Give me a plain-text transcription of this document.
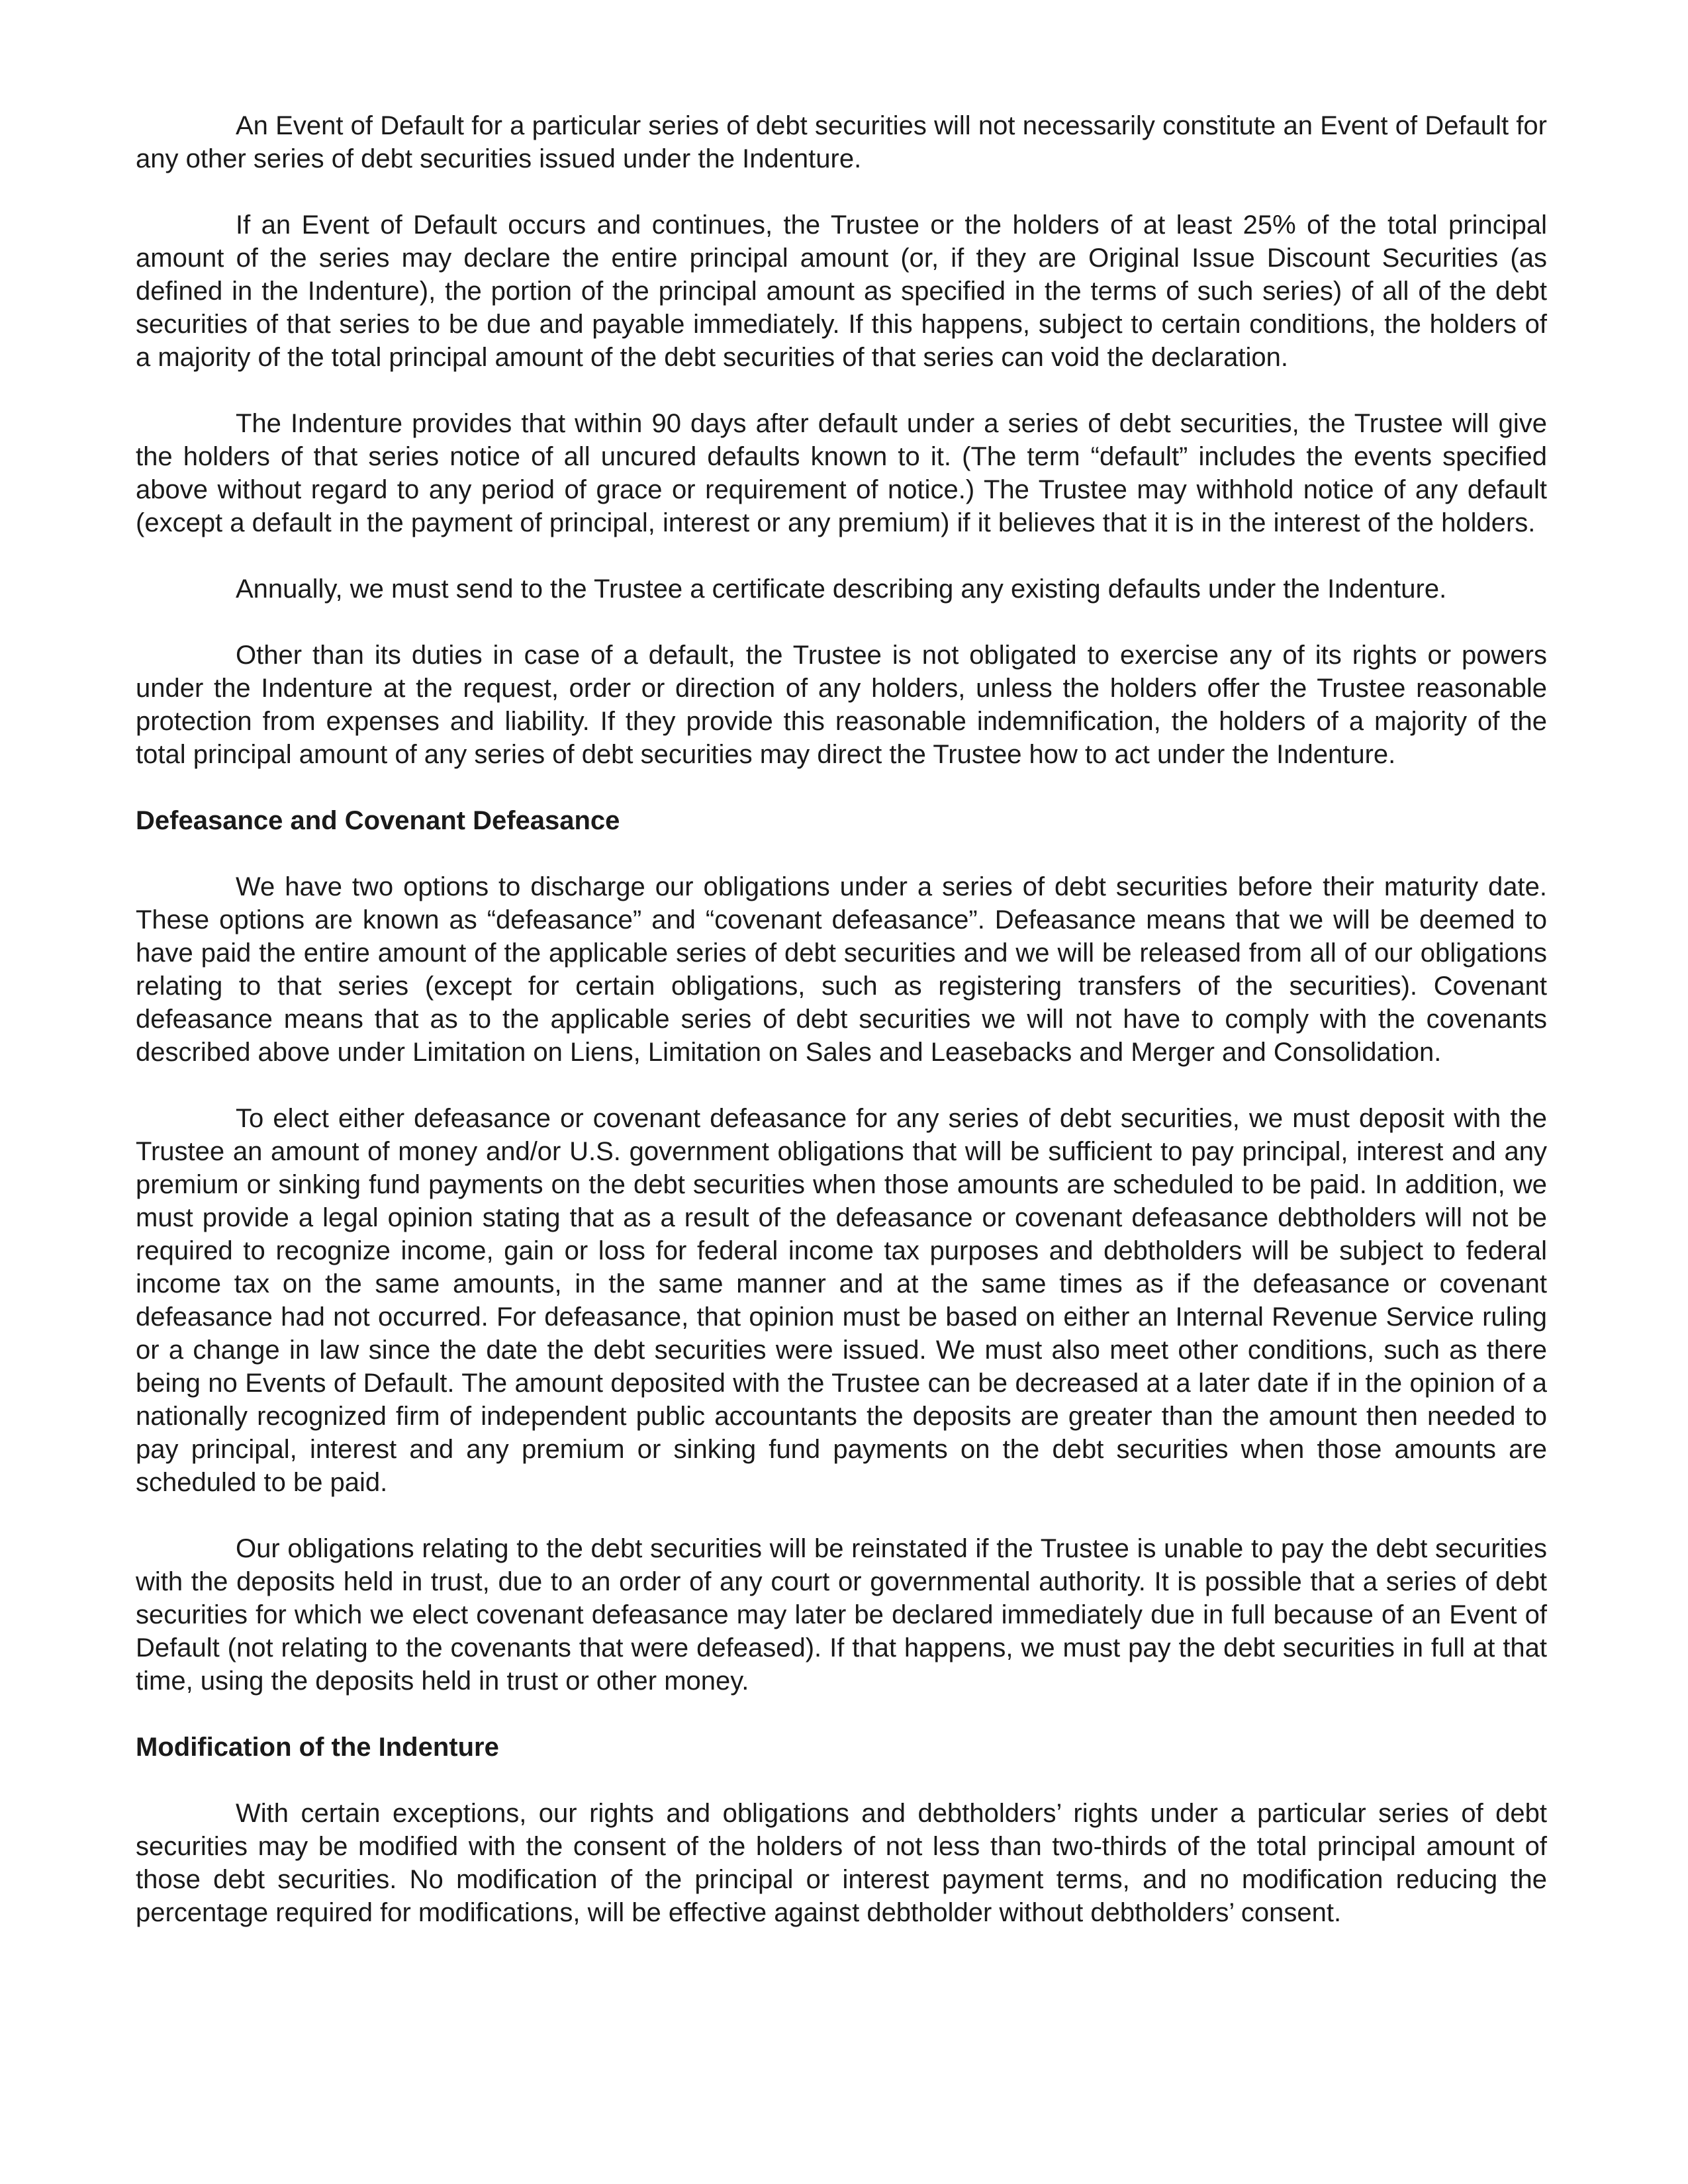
An Event of Default for a particular series of debt securities will not necessarily constitute an Event of Default for any other series of debt securities issued under the Indenture.

If an Event of Default occurs and continues, the Trustee or the holders of at least 25% of the total principal amount of the series may declare the entire principal amount (or, if they are Original Issue Discount Securities (as defined in the Indenture), the portion of the principal amount as specified in the terms of such series) of all of the debt securities of that series to be due and payable immediately. If this happens, subject to certain conditions, the holders of a majority of the total principal amount of the debt securities of that series can void the declaration.

The Indenture provides that within 90 days after default under a series of debt securities, the Trustee will give the holders of that series notice of all uncured defaults known to it. (The term “default” includes the events specified above without regard to any period of grace or requirement of notice.) The Trustee may withhold notice of any default (except a default in the payment of principal, interest or any premium) if it believes that it is in the interest of the holders.

Annually, we must send to the Trustee a certificate describing any existing defaults under the Indenture.

Other than its duties in case of a default, the Trustee is not obligated to exercise any of its rights or powers under the Indenture at the request, order or direction of any holders, unless the holders offer the Trustee reasonable protection from expenses and liability. If they provide this reasonable indemnification, the holders of a majority of the total principal amount of any series of debt securities may direct the Trustee how to act under the Indenture.

Defeasance and Covenant Defeasance

We have two options to discharge our obligations under a series of debt securities before their maturity date. These options are known as “defeasance” and “covenant defeasance”. Defeasance means that we will be deemed to have paid the entire amount of the applicable series of debt securities and we will be released from all of our obligations relating to that series (except for certain obligations, such as registering transfers of the securities). Covenant defeasance means that as to the applicable series of debt securities we will not have to comply with the covenants described above under Limitation on Liens, Limitation on Sales and Leasebacks and Merger and Consolidation.

To elect either defeasance or covenant defeasance for any series of debt securities, we must deposit with the Trustee an amount of money and/or U.S. government obligations that will be sufficient to pay principal, interest and any premium or sinking fund payments on the debt securities when those amounts are scheduled to be paid. In addition, we must provide a legal opinion stating that as a result of the defeasance or covenant defeasance debtholders will not be required to recognize income, gain or loss for federal income tax purposes and debtholders will be subject to federal income tax on the same amounts, in the same manner and at the same times as if the defeasance or covenant defeasance had not occurred. For defeasance, that opinion must be based on either an Internal Revenue Service ruling or a change in law since the date the debt securities were issued. We must also meet other conditions, such as there being no Events of Default. The amount deposited with the Trustee can be decreased at a later date if in the opinion of a nationally recognized firm of independent public accountants the deposits are greater than the amount then needed to pay principal, interest and any premium or sinking fund payments on the debt securities when those amounts are scheduled to be paid.

Our obligations relating to the debt securities will be reinstated if the Trustee is unable to pay the debt securities with the deposits held in trust, due to an order of any court or governmental authority. It is possible that a series of debt securities for which we elect covenant defeasance may later be declared immediately due in full because of an Event of Default (not relating to the covenants that were defeased). If that happens, we must pay the debt securities in full at that time, using the deposits held in trust or other money.

Modification of the Indenture

With certain exceptions, our rights and obligations and debtholders’ rights under a particular series of debt securities may be modified with the consent of the holders of not less than two-thirds of the total principal amount of those debt securities. No modification of the principal or interest payment terms, and no modification reducing the percentage required for modifications, will be effective against debtholder without debtholders’ consent.
